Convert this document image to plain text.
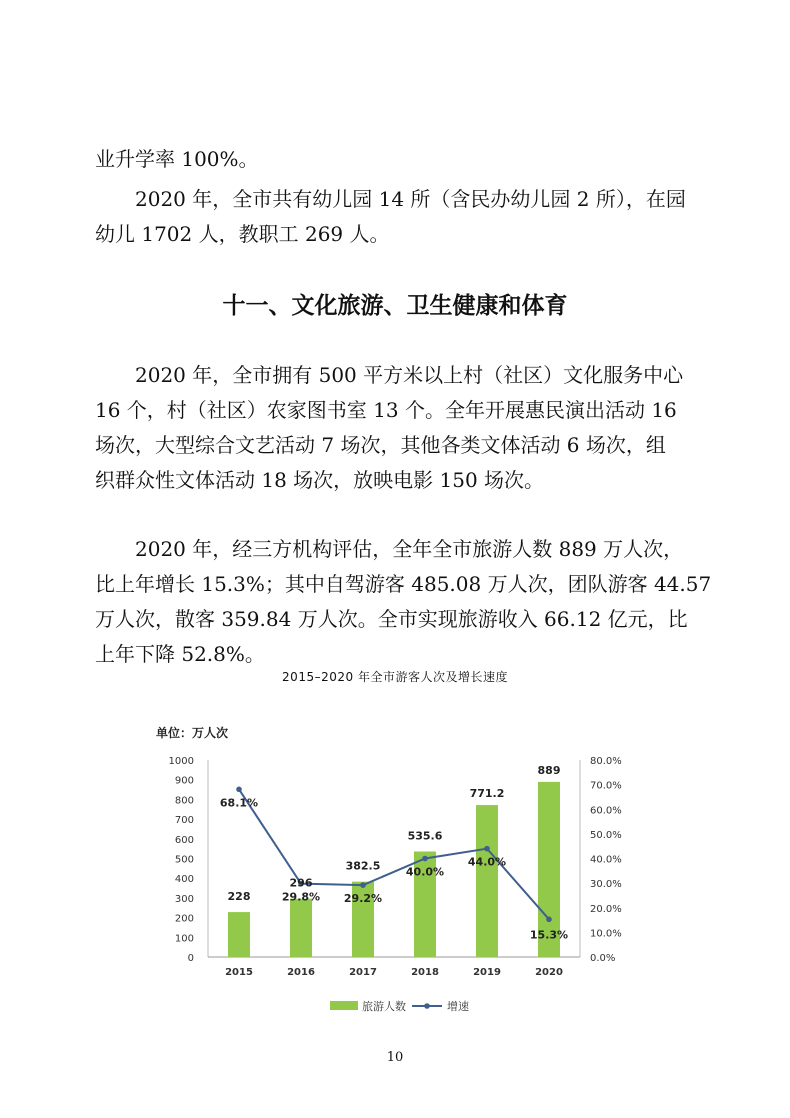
业升学率 100%。

　　2020 年，全市共有幼儿园 14 所（含民办幼儿园 2 所），在园
幼儿 1702 人，教职工 269 人。

　　2020 年，全市拥有 500 平方米以上村（社区）文化服务中心
16 个，村（社区）农家图书室 13 个。全年开展惠民演出活动 16
场次，大型综合文艺活动 7 场次，其他各类文体活动 6 场次，组
织群众性文体活动 18 场次，放映电影 150 场次。

　　2020 年，经三方机构评估，全年全市旅游人数 889 万人次，
比上年增长 15.3%；其中自驾游客 485.08 万人次，团队游客 44.57
万人次，散客 359.84 万人次。全市实现旅游收入 66.12 亿元，比
上年下降 52.8%。

十一、文化旅游、卫生健康和体育

2015–2020 年全市游客人次及增长速度

单位：万人次
0
100
200
300
400
500
600
700
800
900
1000
0.0%
10.0%
20.0%
30.0%
40.0%
50.0%
60.0%
70.0%
80.0%
2015	2016	2017	2018	2019	2020
228
296
382.5
535.6
771.2
889
68.1%
29.8% 29.2%
40.0%
44.0%
15.3%
旅游人数	增速

10
